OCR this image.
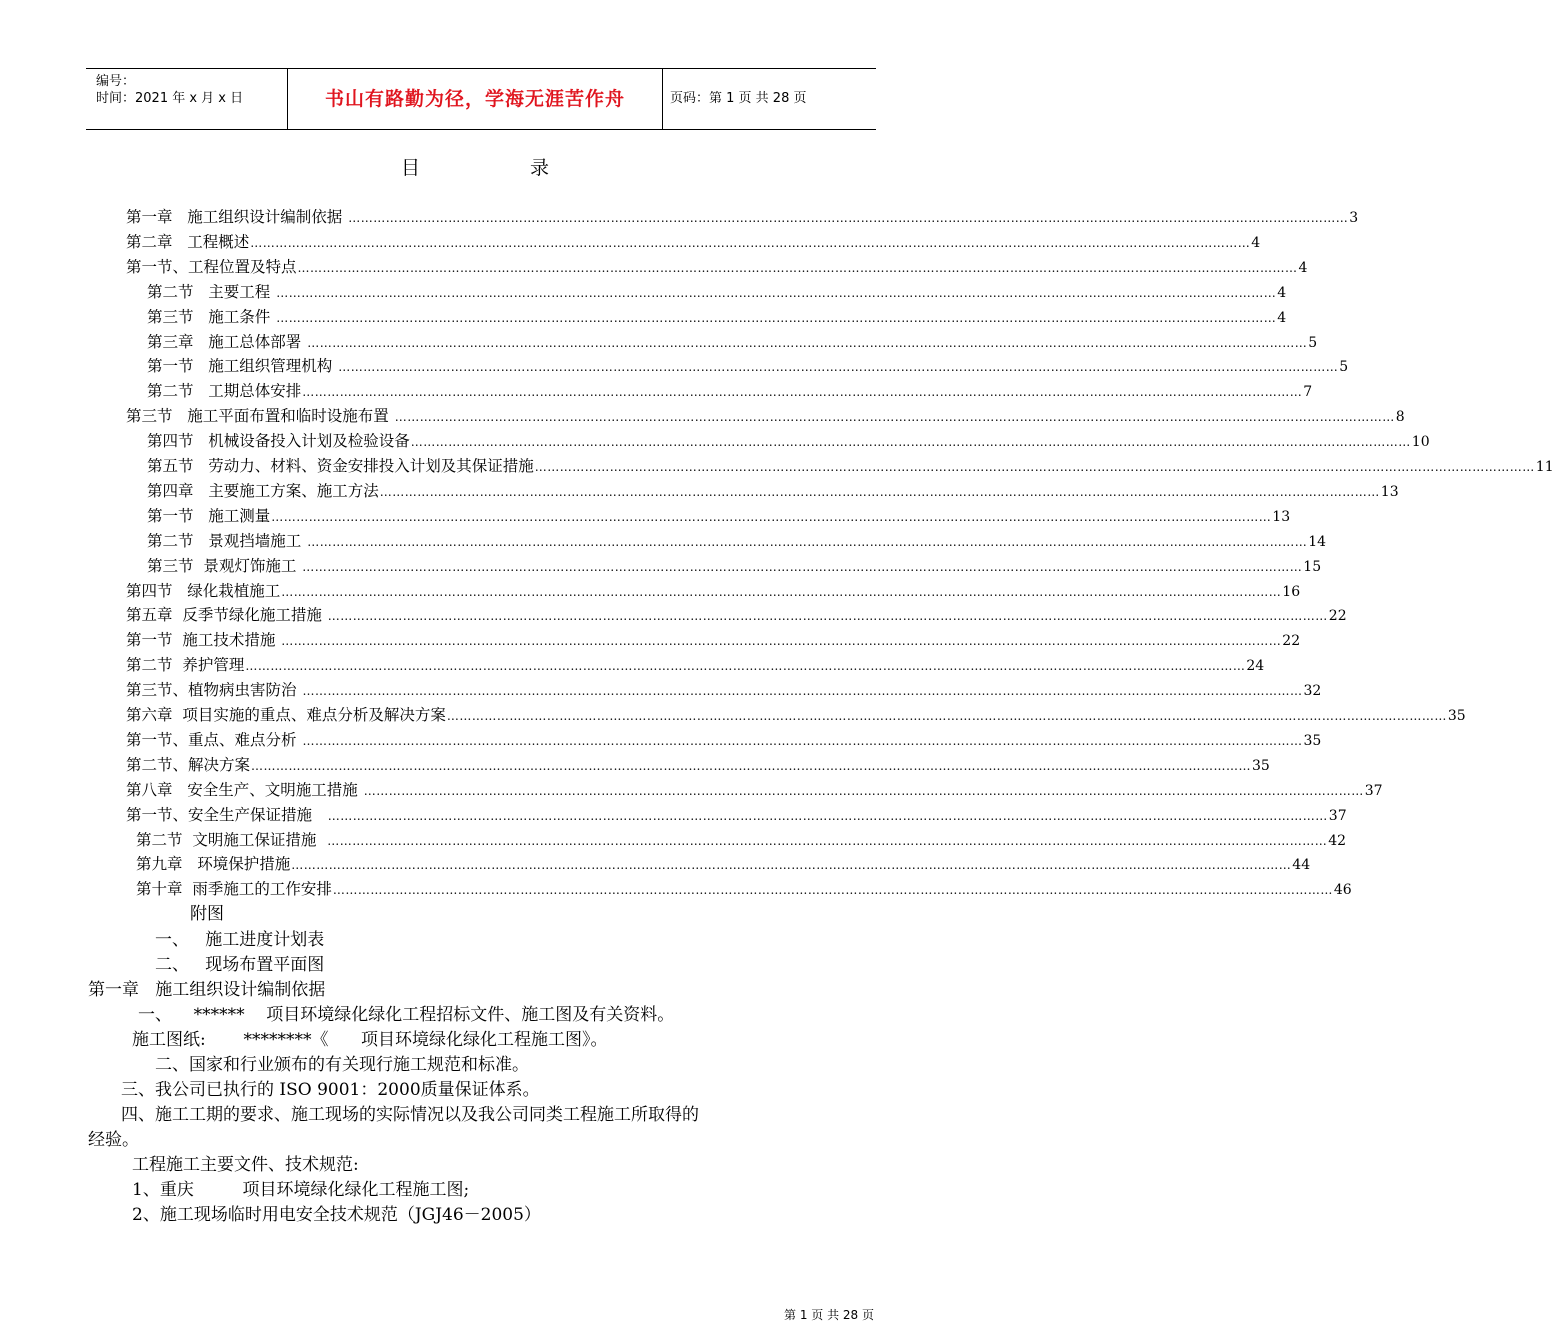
编号：
时间：2021 年 x 月 x 日	书山有路勤为径，学海无涯苦作舟	页码：第 1 页 共 28 页
目	录
第一章   施工组织设计编制依据 …………………………………………………………………………………………………………………………………………………………………………………………………………………… 3
第二章   工程概述 …………………………………………………………………………………………………………………………………………………………………………………………………………………… 4
第一节、工程位置及特点 …………………………………………………………………………………………………………………………………………………………………………………………………………………… 4
第二节   主要工程 …………………………………………………………………………………………………………………………………………………………………………………………………………………… 4
第三节   施工条件 …………………………………………………………………………………………………………………………………………………………………………………………………………………… 4
第三章   施工总体部署 …………………………………………………………………………………………………………………………………………………………………………………………………………………… 5
第一节   施工组织管理机构 …………………………………………………………………………………………………………………………………………………………………………………………………………………… 5
第二节   工期总体安排 …………………………………………………………………………………………………………………………………………………………………………………………………………………… 7
第三节   施工平面布置和临时设施布置 …………………………………………………………………………………………………………………………………………………………………………………………………………………… 8
第四节   机械设备投入计划及检验设备 …………………………………………………………………………………………………………………………………………………………………………………………………………………… 10
第五节   劳动力、材料、资金安排投入计划及其保证措施 …………………………………………………………………………………………………………………………………………………………………………………………………………………… 11
第四章   主要施工方案、施工方法 …………………………………………………………………………………………………………………………………………………………………………………………………………………… 13
第一节   施工测量 …………………………………………………………………………………………………………………………………………………………………………………………………………………… 13
第二节   景观挡墙施工 …………………………………………………………………………………………………………………………………………………………………………………………………………………… 14
第三节  景观灯饰施工 …………………………………………………………………………………………………………………………………………………………………………………………………………………… 15
第四节   绿化栽植施工 …………………………………………………………………………………………………………………………………………………………………………………………………………………… 16
第五章  反季节绿化施工措施 …………………………………………………………………………………………………………………………………………………………………………………………………………………… 22
第一节  施工技术措施 …………………………………………………………………………………………………………………………………………………………………………………………………………………… 22
第二节  养护管理 …………………………………………………………………………………………………………………………………………………………………………………………………………………… 24
第三节、植物病虫害防治 …………………………………………………………………………………………………………………………………………………………………………………………………………………… 32
第六章  项目实施的重点、难点分析及解决方案 …………………………………………………………………………………………………………………………………………………………………………………………………………………… 35
第一节、重点、难点分析 …………………………………………………………………………………………………………………………………………………………………………………………………………………… 35
第二节、解决方案 …………………………………………………………………………………………………………………………………………………………………………………………………………………… 35
第八章   安全生产、文明施工措施 …………………………………………………………………………………………………………………………………………………………………………………………………………………… 37
第一节、安全生产保证措施 …………………………………………………………………………………………………………………………………………………………………………………………………………………… 37
第二节  文明施工保证措施 …………………………………………………………………………………………………………………………………………………………………………………………………………………… 42
第九章   环境保护措施 …………………………………………………………………………………………………………………………………………………………………………………………………………………… 44
第十章  雨季施工的工作安排 …………………………………………………………………………………………………………………………………………………………………………………………………………………… 46
附图
一、   施工进度计划表
二、   现场布置平面图
第一章   施工组织设计编制依据
一、    ******    项目环境绿化绿化工程招标文件、施工图及有关资料。
施工图纸:       ********《      项目环境绿化绿化工程施工图》。
二、国家和行业颁布的有关现行施工规范和标准。
三、我公司已执行的 ISO 9001：2000质量保证体系。
四、施工工期的要求、施工现场的实际情况以及我公司同类工程施工所取得的
经验。
工程施工主要文件、技术规范:
1、重庆         项目环境绿化绿化工程施工图;
2、施工现场临时用电安全技术规范（JGJ46－2005）
第 1 页 共 28 页
